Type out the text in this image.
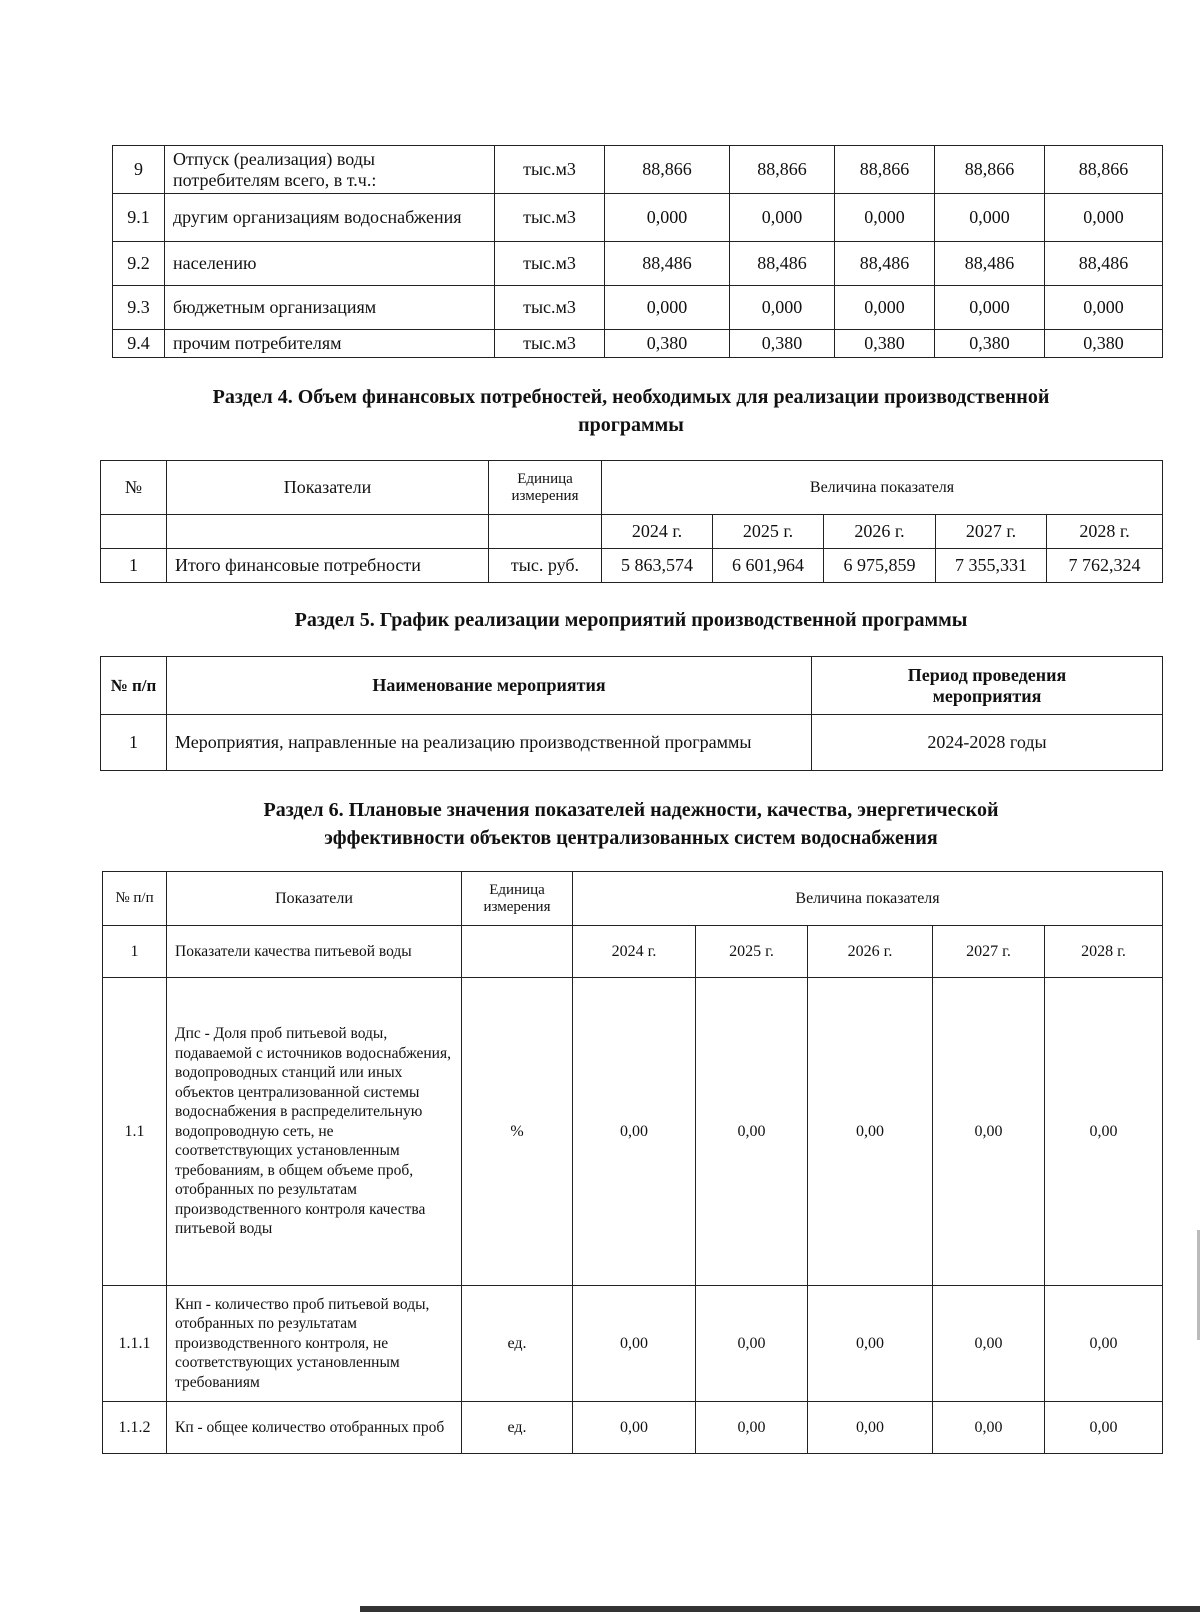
9	Отпуск (реализация) воды потребителям всего, в т.ч.:	тыс.м3	88,866	88,866	88,866	88,866	88,866
9.1	другим организациям водоснабжения	тыс.м3	0,000	0,000	0,000	0,000	0,000
9.2	населению	тыс.м3	88,486	88,486	88,486	88,486	88,486
9.3	бюджетным организациям	тыс.м3	0,000	0,000	0,000	0,000	0,000
9.4	прочим потребителям	тыс.м3	0,380	0,380	0,380	0,380	0,380
Раздел 4. Объем финансовых потребностей, необходимых для реализации производственной
программы
№	Показатели	Единица измерения	Величина показателя				
			2024 г.	2025 г.	2026 г.	2027 г.	2028 г.
1	Итого финансовые потребности	тыс. руб.	5 863,574	6 601,964	6 975,859	7 355,331	7 762,324
Раздел 5. График реализации мероприятий производственной программы
№ п/п	Наименование мероприятия	Период проведения мероприятия
1	Мероприятия, направленные на реализацию производственной программы	2024-2028 годы
Раздел 6. Плановые значения показателей надежности, качества, энергетической
эффективности объектов централизованных систем водоснабжения
№ п/п	Показатели	Единица измерения	Величина показателя				
1	Показатели качества питьевой воды		2024 г.	2025 г.	2026 г.	2027 г.	2028 г.
1.1	Дпс - Доля проб питьевой воды, подаваемой с источников водоснабжения, водопроводных станций или иных объектов централизованной системы водоснабжения в распределительную водопроводную сеть, не соответствующих установленным требованиям, в общем объеме проб, отобранных по результатам производственного контроля качества питьевой воды	%	0,00	0,00	0,00	0,00	0,00
1.1.1	Кнп - количество проб питьевой воды, отобранных по результатам производственного контроля, не соответствующих установленным требованиям	ед.	0,00	0,00	0,00	0,00	0,00
1.1.2	Кп - общее количество отобранных проб	ед.	0,00	0,00	0,00	0,00	0,00
